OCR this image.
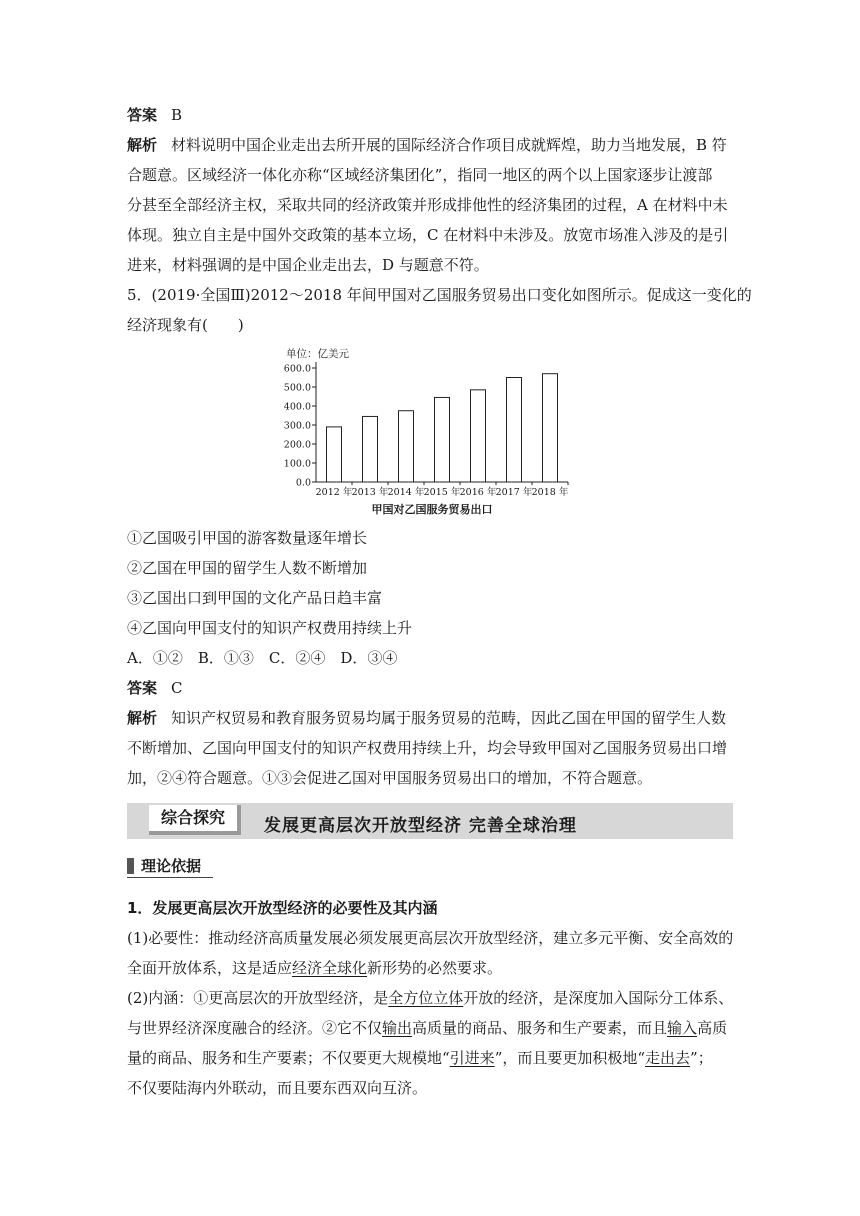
答案 B
解析 材料说明中国企业走出去所开展的国际经济合作项目成就辉煌，助力当地发展，B 符
合题意。区域经济一体化亦称“区域经济集团化”，指同一地区的两个以上国家逐步让渡部
分甚至全部经济主权，采取共同的经济政策并形成排他性的经济集团的过程，A 在材料中未
体现。独立自主是中国外交政策的基本立场，C 在材料中未涉及。放宽市场准入涉及的是引
进来，材料强调的是中国企业走出去，D 与题意不符。
5．(2019·全国Ⅲ)2012～2018 年间甲国对乙国服务贸易出口变化如图所示。促成这一变化的
经济现象有(　　)
单位：亿美元
0.0
100.0
200.0
300.0
400.0
500.0
600.0
2012 年 2013 年 2014 年 2015 年 2016 年 2017 年 2018 年
甲国对乙国服务贸易出口
①乙国吸引甲国的游客数量逐年增长
②乙国在甲国的留学生人数不断增加
③乙国出口到甲国的文化产品日趋丰富
④乙国向甲国支付的知识产权费用持续上升
A．①②　B．①③　C．②④　D．③④
答案 C
解析 知识产权贸易和教育服务贸易均属于服务贸易的范畴，因此乙国在甲国的留学生人数
不断增加、乙国向甲国支付的知识产权费用持续上升，均会导致甲国对乙国服务贸易出口增
加，②④符合题意。①③会促进乙国对甲国服务贸易出口的增加，不符合题意。
综合探究	发展更高层次开放型经济 完善全球治理
理论依据
1．发展更高层次开放型经济的必要性及其内涵
(1)必要性：推动经济高质量发展必须发展更高层次开放型经济，建立多元平衡、安全高效的
全面开放体系，这是适应经济全球化新形势的必然要求。
(2)内涵：①更高层次的开放型经济，是全方位立体开放的经济，是深度加入国际分工体系、
与世界经济深度融合的经济。②它不仅输出高质量的商品、服务和生产要素，而且输入高质
量的商品、服务和生产要素；不仅要更大规模地“引进来”，而且要更加积极地“走出去”；
不仅要陆海内外联动，而且要东西双向互济。
